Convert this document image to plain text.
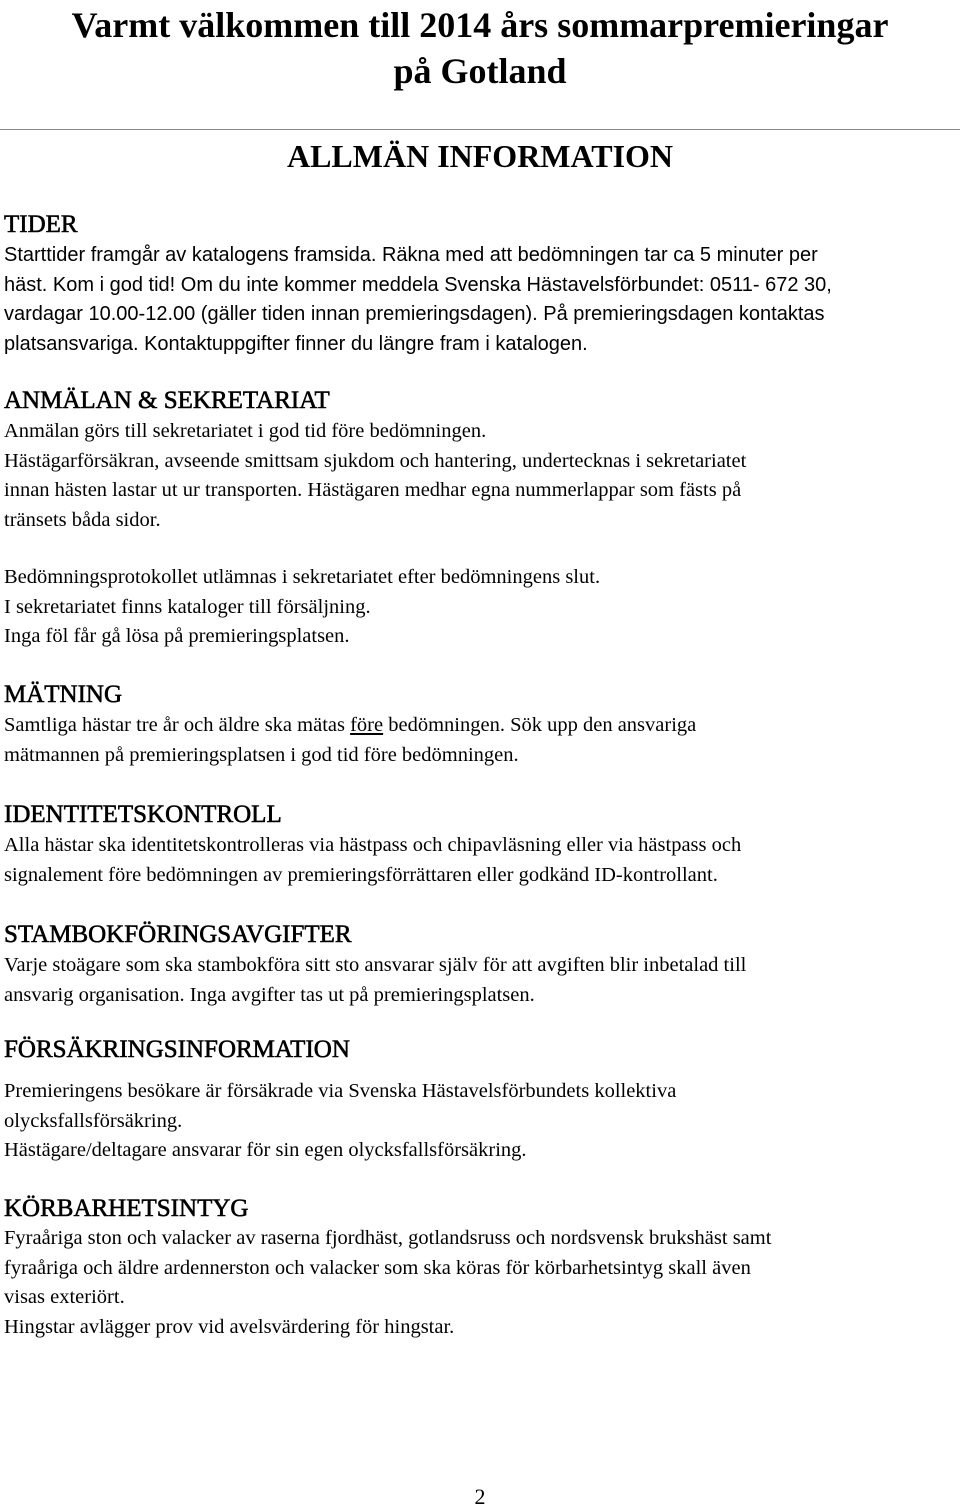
Varmt välkommen till 2014 års sommarpremieringar
på Gotland
ALLMÄN INFORMATION
TIDER
Starttider framgår av katalogens framsida. Räkna med att bedömningen tar ca 5 minuter per
häst. Kom i god tid! Om du inte kommer meddela Svenska Hästavelsförbundet: 0511- 672 30,
vardagar 10.00-12.00 (gäller tiden innan premieringsdagen). På premieringsdagen kontaktas
platsansvariga. Kontaktuppgifter finner du längre fram i katalogen.
ANMÄLAN & SEKRETARIAT
Anmälan görs till sekretariatet i god tid före bedömningen.
Hästägarförsäkran, avseende smittsam sjukdom och hantering, undertecknas i sekretariatet
innan hästen lastar ut ur transporten. Hästägaren medhar egna nummerlappar som fästs på
tränsets båda sidor.
Bedömningsprotokollet utlämnas i sekretariatet efter bedömningens slut.
I sekretariatet finns kataloger till försäljning.
Inga föl får gå lösa på premieringsplatsen.
MÄTNING
Samtliga hästar tre år och äldre ska mätas före bedömningen. Sök upp den ansvariga
mätmannen på premieringsplatsen i god tid före bedömningen.
IDENTITETSKONTROLL
Alla hästar ska identitetskontrolleras via hästpass och chipavläsning eller via hästpass och
signalement före bedömningen av premieringsförrättaren eller godkänd ID-kontrollant.
STAMBOKFÖRINGSAVGIFTER
Varje stoägare som ska stambokföra sitt sto ansvarar själv för att avgiften blir inbetalad till
ansvarig organisation. Inga avgifter tas ut på premieringsplatsen.
FÖRSÄKRINGSINFORMATION
Premieringens besökare är försäkrade via Svenska Hästavelsförbundets kollektiva
olycksfallsförsäkring.
Hästägare/deltagare ansvarar för sin egen olycksfallsförsäkring.
KÖRBARHETSINTYG
Fyraåriga ston och valacker av raserna fjordhäst, gotlandsruss och nordsvensk brukshäst samt
fyraåriga och äldre ardennerston och valacker som ska köras för körbarhetsintyg skall även
visas exteriört.
Hingstar avlägger prov vid avelsvärdering för hingstar.
2
